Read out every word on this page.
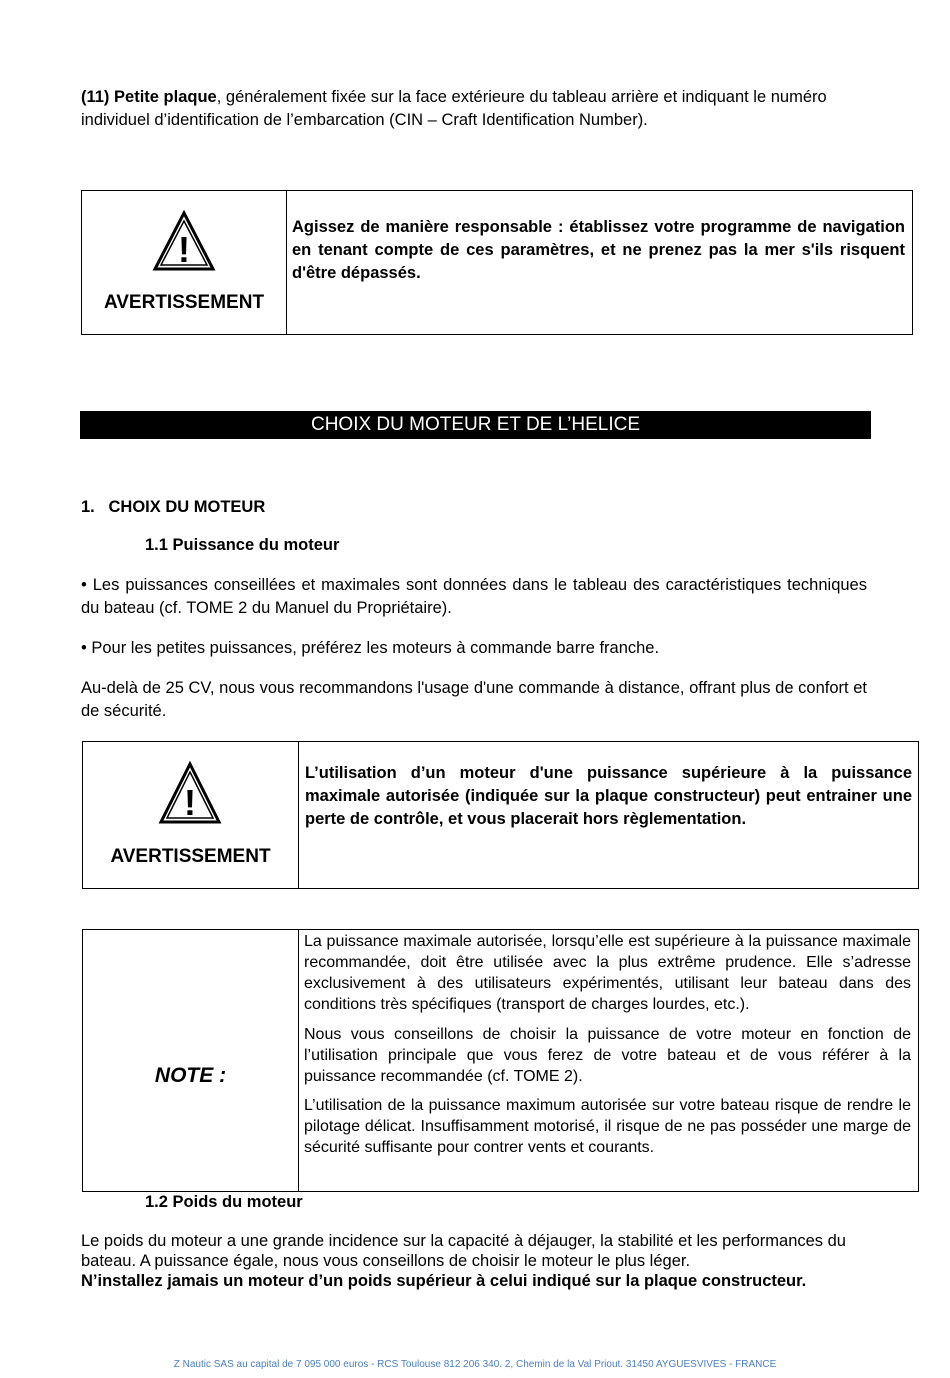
(11) Petite plaque, généralement fixée sur la face extérieure du tableau arrière et indiquant le numéro individuel d’identification de l’embarcation (CIN – Craft Identification Number).
!
AVERTISSEMENT
Agissez de manière responsable : établissez votre programme de navigation en tenant compte de ces paramètres, et ne prenez pas la mer s'ils risquent d'être dépassés.
CHOIX DU MOTEUR ET DE L’HELICE
1.   CHOIX DU MOTEUR
1.1 Puissance du moteur
• Les puissances conseillées et maximales sont données dans le tableau des caractéristiques techniques du bateau (cf. TOME 2 du Manuel du Propriétaire).
• Pour les petites puissances, préférez les moteurs à commande barre franche.
Au-delà de 25 CV, nous vous recommandons l'usage d'une commande à distance, offrant plus de confort et de sécurité.
!
AVERTISSEMENT
L’utilisation d’un moteur d'une puissance supérieure à la puissance maximale autorisée (indiquée sur la plaque constructeur) peut entrainer une perte de contrôle, et vous placerait hors règlementation.
NOTE :
La puissance maximale autorisée, lorsqu’elle est supérieure à la puissance maximale recommandée, doit être utilisée avec la plus extrême prudence. Elle s’adresse exclusivement à des utilisateurs expérimentés, utilisant leur bateau dans des conditions très spécifiques (transport de charges lourdes, etc.).
Nous vous conseillons de choisir la puissance de votre moteur en fonction de l’utilisation principale que vous ferez de votre bateau et de vous référer à la puissance recommandée (cf. TOME 2).
L’utilisation de la puissance maximum autorisée sur votre bateau risque de rendre le pilotage délicat. Insuffisamment motorisé, il risque de ne pas posséder une marge de sécurité suffisante pour contrer vents et courants.
1.2 Poids du moteur
Le poids du moteur a une grande incidence sur la capacité à déjauger, la stabilité et les performances du bateau. A puissance égale, nous vous conseillons de choisir le moteur le plus léger.
N’installez jamais un moteur d’un poids supérieur à celui indiqué sur la plaque constructeur.
Z Nautic SAS au capital de 7 095 000 euros - RCS Toulouse 812 206 340. 2, Chemin de la Val Priout. 31450 AYGUESVIVES - FRANCE
